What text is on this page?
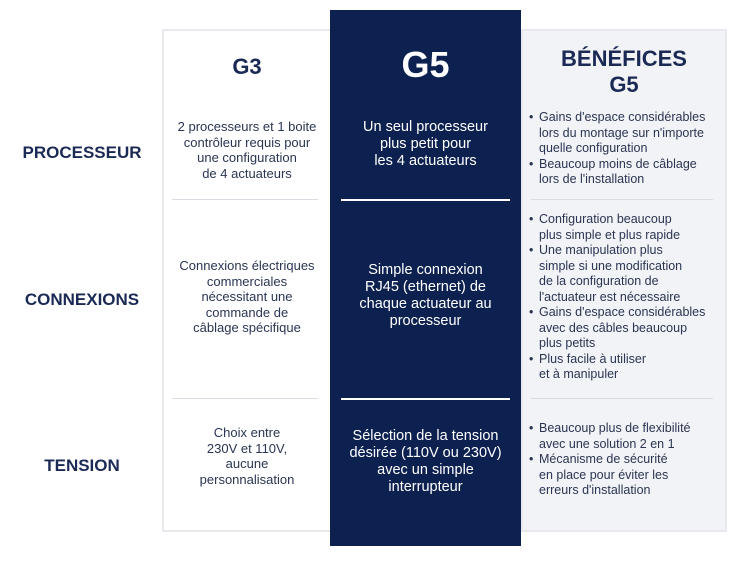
G3	G5	BÉNÉFICES
G5
PROCESSEUR
CONNEXIONS
TENSION
2 processeurs et 1 boite
contrôleur requis pour
une configuration
de 4 actuateurs
Un seul processeur
plus petit pour
les 4 actuateurs
• Gains d'espace considérables
lors du montage sur n'importe
quelle configuration
• Beaucoup moins de câblage
lors de l'installation
Connexions électriques
commerciales
nécessitant une
commande de
câblage spécifique
Simple connexion
RJ45 (ethernet) de
chaque actuateur au
processeur
• Configuration beaucoup
plus simple et plus rapide
• Une manipulation plus
simple si une modification
de la configuration de
l'actuateur est nécessaire
• Gains d'espace considérables
avec des câbles beaucoup
plus petits
• Plus facile à utiliser
et à manipuler
Choix entre
230V et 110V,
aucune
personnalisation
Sélection de la tension
désirée (110V ou 230V)
avec un simple
interrupteur
• Beaucoup plus de flexibilité
avec une solution 2 en 1
• Mécanisme de sécurité
en place pour éviter les
erreurs d'installation
